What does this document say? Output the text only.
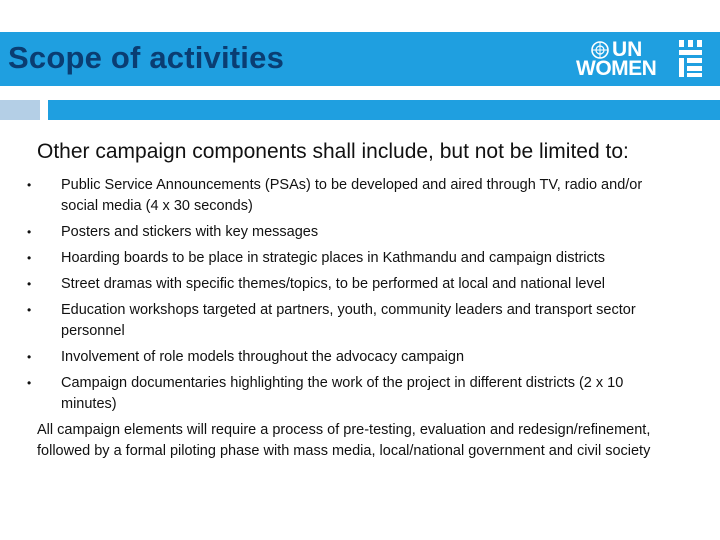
Scope of activities	UN
WOMEN

Other campaign components shall include, but not be limited to:

• Public Service Announcements (PSAs) to be developed and aired through TV, radio and/or social media (4 x 30 seconds)
• Posters and stickers with key messages
• Hoarding boards to be place in strategic places in Kathmandu and campaign districts
• Street dramas with specific themes/topics, to be performed at local and national level
• Education workshops targeted at partners, youth, community leaders and transport sector personnel
• Involvement of role models throughout the advocacy campaign
• Campaign documentaries highlighting the work of the project in different districts (2 x 10 minutes)
All campaign elements will require a process of pre-testing, evaluation and redesign/refinement, followed by a formal piloting phase with mass media, local/national government and civil society
